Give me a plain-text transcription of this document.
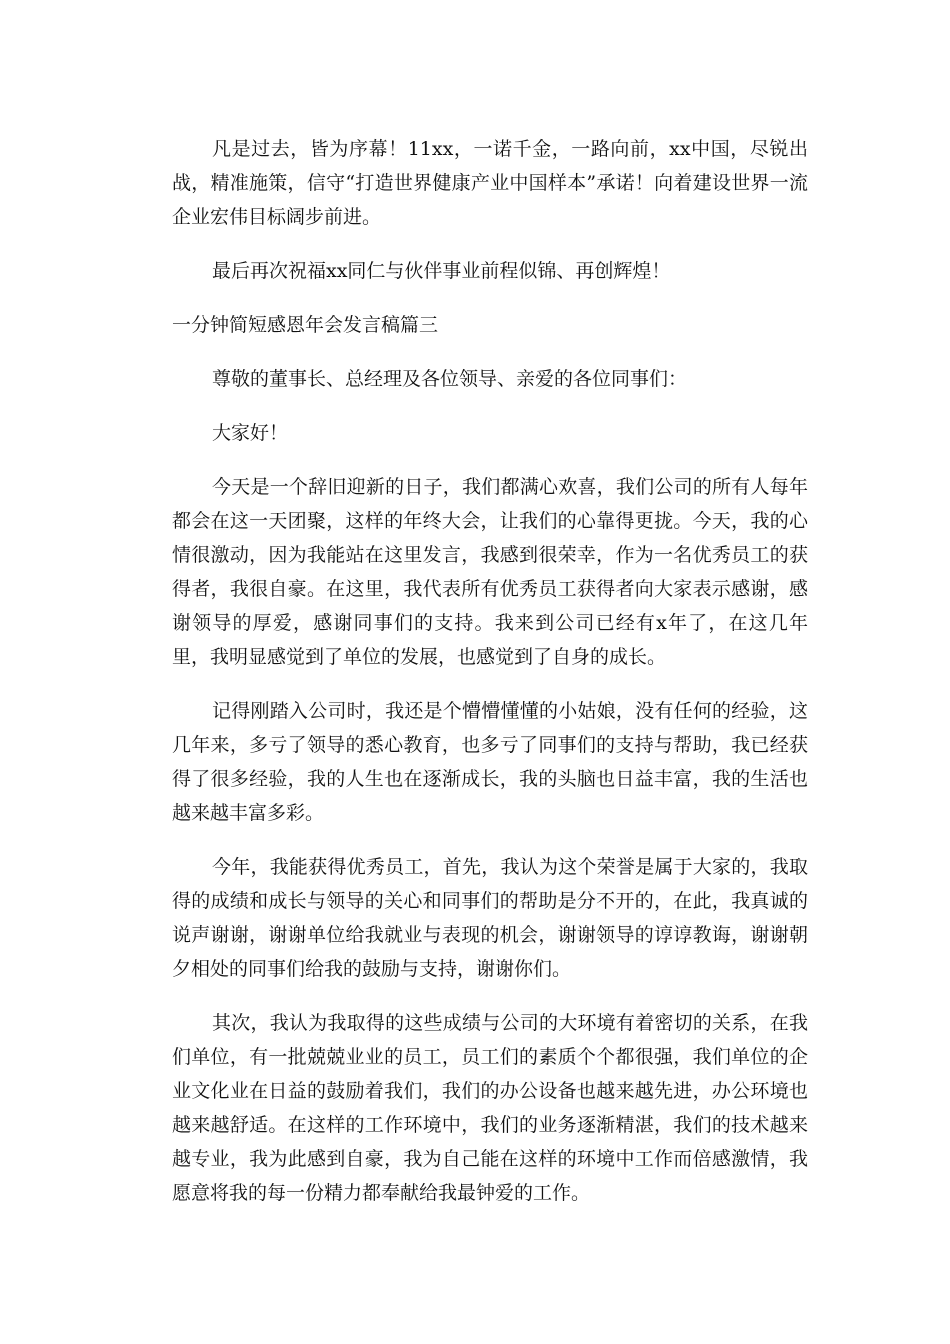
凡是过去，皆为序幕！11xx，一诺千金，一路向前，xx中国，尽锐出战，精准施策，信守“打造世界健康产业中国样本”承诺！向着建设世界一流企业宏伟目标阔步前进。

最后再次祝福xx同仁与伙伴事业前程似锦、再创辉煌！

一分钟简短感恩年会发言稿篇三

尊敬的董事长、总经理及各位领导、亲爱的各位同事们：

大家好！

今天是一个辞旧迎新的日子，我们都满心欢喜，我们公司的所有人每年都会在这一天团聚，这样的年终大会，让我们的心靠得更拢。今天，我的心情很激动，因为我能站在这里发言，我感到很荣幸，作为一名优秀员工的获得者，我很自豪。在这里，我代表所有优秀员工获得者向大家表示感谢，感谢领导的厚爱，感谢同事们的支持。我来到公司已经有x年了，在这几年里，我明显感觉到了单位的发展，也感觉到了自身的成长。

记得刚踏入公司时，我还是个懵懵懂懂的小姑娘，没有任何的经验，这几年来，多亏了领导的悉心教育，也多亏了同事们的支持与帮助，我已经获得了很多经验，我的人生也在逐渐成长，我的头脑也日益丰富，我的生活也越来越丰富多彩。

今年，我能获得优秀员工，首先，我认为这个荣誉是属于大家的，我取得的成绩和成长与领导的关心和同事们的帮助是分不开的，在此，我真诚的说声谢谢，谢谢单位给我就业与表现的机会，谢谢领导的谆谆教诲，谢谢朝夕相处的同事们给我的鼓励与支持，谢谢你们。

其次，我认为我取得的这些成绩与公司的大环境有着密切的关系，在我们单位，有一批兢兢业业的员工，员工们的素质个个都很强，我们单位的企业文化业在日益的鼓励着我们，我们的办公设备也越来越先进，办公环境也越来越舒适。在这样的工作环境中，我们的业务逐渐精湛，我们的技术越来越专业，我为此感到自豪，我为自己能在这样的环境中工作而倍感激情，我愿意将我的每一份精力都奉献给我最钟爱的工作。
